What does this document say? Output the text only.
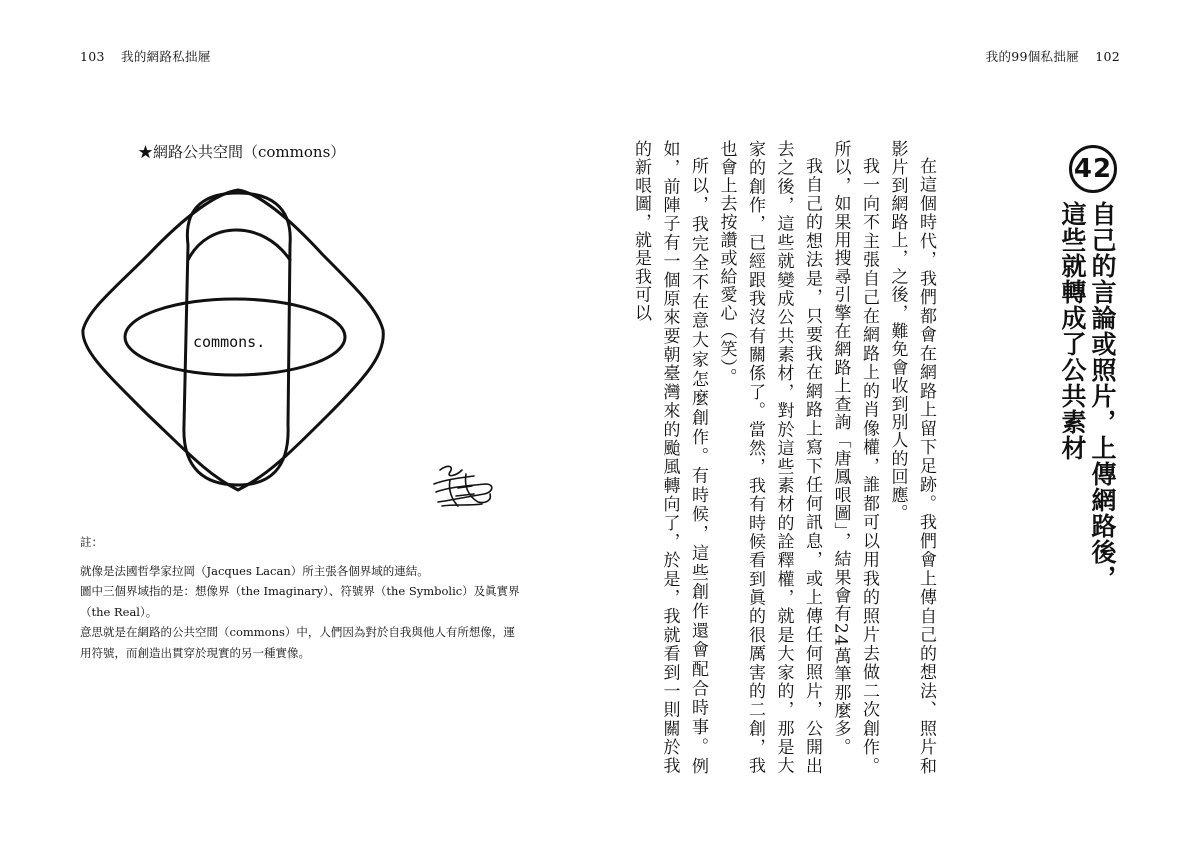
103 我的網路私拙屜
★網路公共空間（commons）
commons.

註：

就像是法國哲學家拉岡（Jacques Lacan）所主張各個界域的連結。

圖中三個界域指的是：想像界（the Imaginary）、符號界（the Symbolic）及眞實界（the Real）。

意思就是在網路的公共空間（commons）中，人們因為對於自我與他人有所想像，運用符號，而創造出貫穿於現實的另一種實像。

我的99個私拙屜 102
42
自己的言論或照片，上傳網路後，這些就轉成了公共素材

在這個時代，我們都會在網路上留下足跡。我們會上傳自己的想法、照片和影片到網路上，之後，難免會收到別人的回應。

我一向不主張自己在網路上的肖像權，誰都可以用我的照片去做二次創作。所以，如果用搜尋引擎在網路上查詢「唐鳳哏圖」，結果會有24萬筆那麼多。

我自己的想法是，只要我在網路上寫下任何訊息，或上傳任何照片，公開出去之後，這些就變成公共素材，對於這些素材的詮釋權，就是大家的，那是大家的創作，已經跟我沒有關係了。當然，我有時候看到眞的很厲害的二創，我也會上去按讚或給愛心（笑）。

所以，我完全不在意大家怎麼創作。有時候，這些創作還會配合時事。例如，前陣子有一個原來要朝臺灣來的颱風轉向了，於是，我就看到一則關於我的新哏圖，就是我可以
